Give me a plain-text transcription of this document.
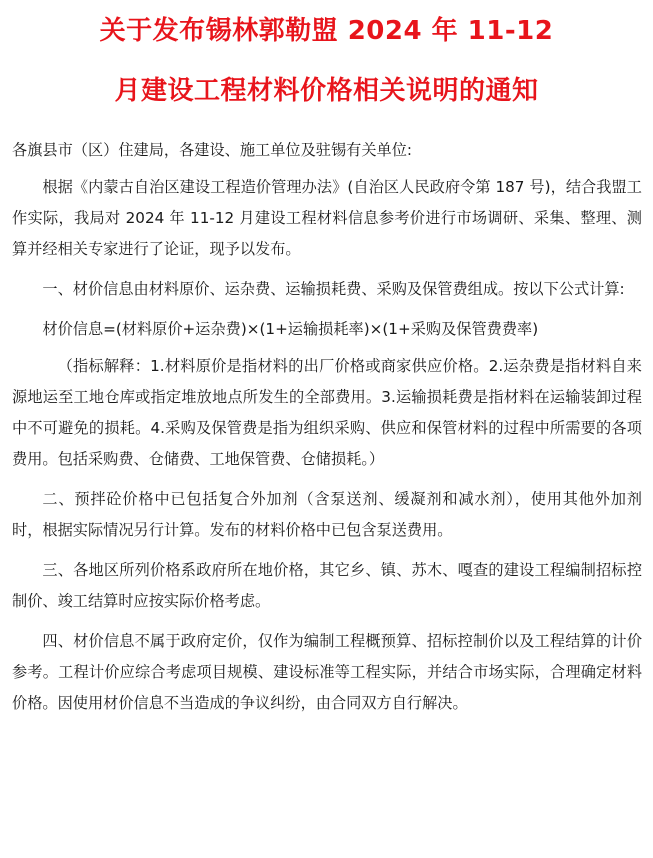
关于发布锡林郭勒盟 2024 年 11-12
月建设工程材料价格相关说明的通知

各旗县市（区）住建局，各建设、施工单位及驻锡有关单位:

根据《内蒙古自治区建设工程造价管理办法》(自治区人民政府令第 187 号)，结合我盟工作实际，我局对 2024 年 11-12 月建设工程材料信息参考价进行市场调研、采集、整理、测算并经相关专家进行了论证，现予以发布。

一、材价信息由材料原价、运杂费、运输损耗费、采购及保管费组成。按以下公式计算:

材价信息=(材料原价+运杂费)×(1+运输损耗率)×(1+采购及保管费费率)

（指标解释：1.材料原价是指材料的出厂价格或商家供应价格。2.运杂费是指材料自来源地运至工地仓库或指定堆放地点所发生的全部费用。3.运输损耗费是指材料在运输装卸过程中不可避免的损耗。4.采购及保管费是指为组织采购、供应和保管材料的过程中所需要的各项费用。包括采购费、仓储费、工地保管费、仓储损耗。）

二、预拌砼价格中已包括复合外加剂（含泵送剂、缓凝剂和减水剂），使用其他外加剂时，根据实际情况另行计算。发布的材料价格中已包含泵送费用。

三、各地区所列价格系政府所在地价格，其它乡、镇、苏木、嘎查的建设工程编制招标控制价、竣工结算时应按实际价格考虑。

四、材价信息不属于政府定价，仅作为编制工程概预算、招标控制价以及工程结算的计价参考。工程计价应综合考虑项目规模、建设标准等工程实际，并结合市场实际，合理确定材料价格。因使用材价信息不当造成的争议纠纷，由合同双方自行解决。
